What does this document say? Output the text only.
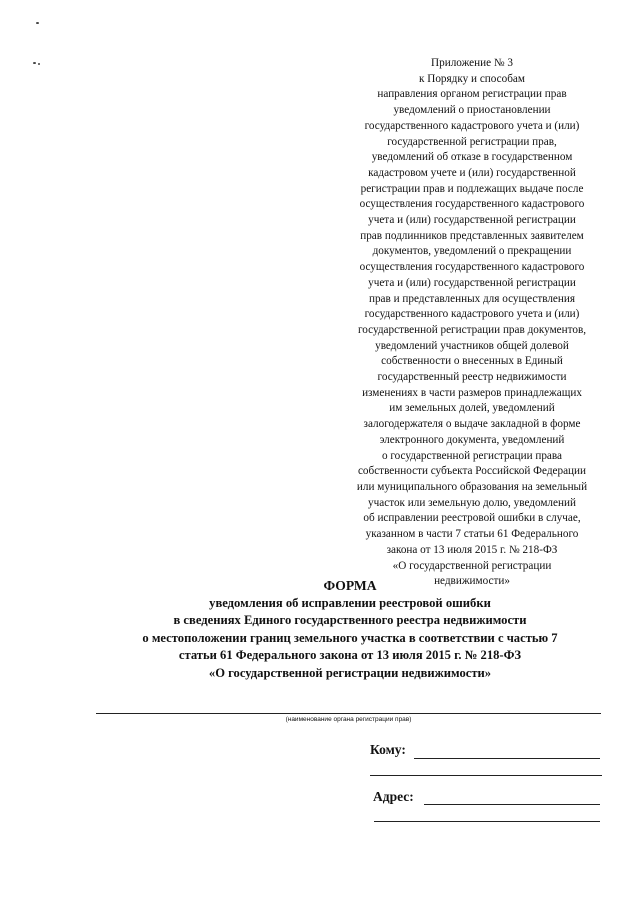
Приложение № 3
к Порядку и способам
направления органом регистрации прав
уведомлений о приостановлении
государственного кадастрового учета и (или)
государственной регистрации прав,
уведомлений об отказе в государственном
кадастровом учете и (или) государственной
регистрации прав и подлежащих выдаче после
осуществления государственного кадастрового
учета и (или) государственной регистрации
прав подлинников представленных заявителем
документов, уведомлений о прекращении
осуществления государственного кадастрового
учета и (или) государственной регистрации
прав и представленных для осуществления
государственного кадастрового учета и (или)
государственной регистрации прав документов,
уведомлений участников общей долевой
собственности о внесенных в Единый
государственный реестр недвижимости
изменениях в части размеров принадлежащих
им земельных долей, уведомлений
залогодержателя о выдаче закладной в форме
электронного документа, уведомлений
о государственной регистрации права
собственности субъекта Российской Федерации
или муниципального образования на земельный
участок или земельную долю, уведомлений
об исправлении реестровой ошибки в случае,
указанном в части 7 статьи 61 Федерального
закона от 13 июля 2015 г. № 218-ФЗ
«О государственной регистрации
недвижимости»
ФОРМА
уведомления об исправлении реестровой ошибки
в сведениях Единого государственного реестра недвижимости
о местоположении границ земельного участка в соответствии с частью 7
статьи 61 Федерального закона от 13 июля 2015 г. № 218-ФЗ
«О государственной регистрации недвижимости»
(наименование органа регистрации прав)
Кому:
Адрес:
